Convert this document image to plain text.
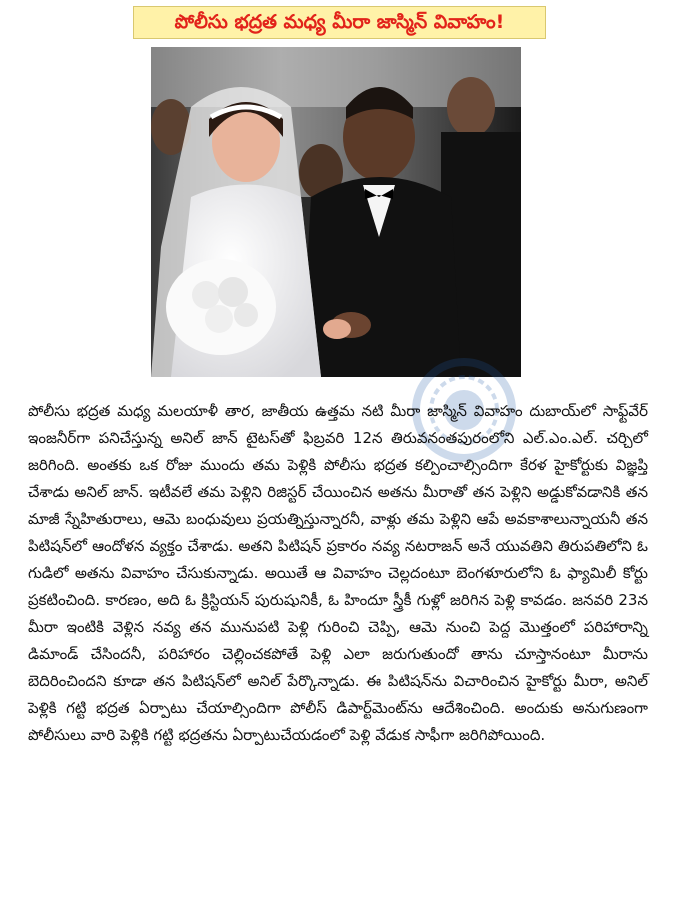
పోలీసు భద్రత మధ్య మీరా జాస్మిన్ వివాహం!

పోలీసు భద్రత మధ్య మలయాళీ తార, జాతీయ ఉత్తమ నటి మీరా జాస్మిన్ వివాహం దుబాయ్‌లో సాఫ్ట్‌వేర్ ఇంజనీర్‌గా పనిచేస్తున్న అనిల్ జాన్ టైటస్‌తో ఫిబ్రవరి 12న తిరువనంతపురంలోని ఎల్.ఎం.ఎల్. చర్చిలో జరిగింది. అంతకు ఒక రోజు ముందు తమ పెళ్లికి పోలీసు భద్రత కల్పించాల్సిందిగా కేరళ హైకోర్టుకు విజ్ఞప్తి చేశాడు అనిల్ జాన్. ఇటీవలే తమ పెళ్లిని రిజిస్టర్ చేయించిన అతను మీరాతో తన పెళ్లిని అడ్డుకోవడానికి తన మాజీ స్నేహితురాలు, ఆమె బంధువులు ప్రయత్నిస్తున్నారనీ, వాళ్లు తమ పెళ్లిని ఆపే అవకాశాలున్నాయనీ తన పిటిషన్‌లో ఆందోళన వ్యక్తం చేశాడు. అతని పిటిషన్ ప్రకారం నవ్య నటరాజన్ అనే యువతిని తిరుపతిలోని ఓ గుడిలో అతను వివాహం చేసుకున్నాడు. అయితే ఆ వివాహం చెల్లదంటూ బెంగళూరులోని ఓ ఫ్యామిలీ కోర్టు ప్రకటించింది. కారణం, అది ఓ క్రిస్టియన్ పురుషునికీ, ఓ హిందూ స్త్రీకీ గుళ్లో జరిగిన పెళ్లి కావడం. జనవరి 23న మీరా ఇంటికి వెళ్లిన నవ్య తన మునుపటి పెళ్లి గురించి చెప్పి, ఆమె నుంచి పెద్ద మొత్తంలో పరిహారాన్ని డిమాండ్ చేసిందనీ, పరిహారం చెల్లించకపోతే పెళ్లి ఎలా జరుగుతుందో తాను చూస్తానంటూ మీరాను బెదిరించిందని కూడా తన పిటిషన్‌లో అనిల్ పేర్కొన్నాడు. ఈ పిటిషన్‌ను విచారించిన హైకోర్టు మీరా, అనిల్ పెళ్లికి గట్టి భద్రత ఏర్పాటు చేయాల్సిందిగా పోలీస్ డిపార్ట్‌మెంట్‌ను ఆదేశించింది. అందుకు అనుగుణంగా పోలీసులు వారి పెళ్లికి గట్టి భద్రతను ఏర్పాటుచేయడంలో పెళ్లి వేడుక సాఫీగా జరిగిపోయింది.
